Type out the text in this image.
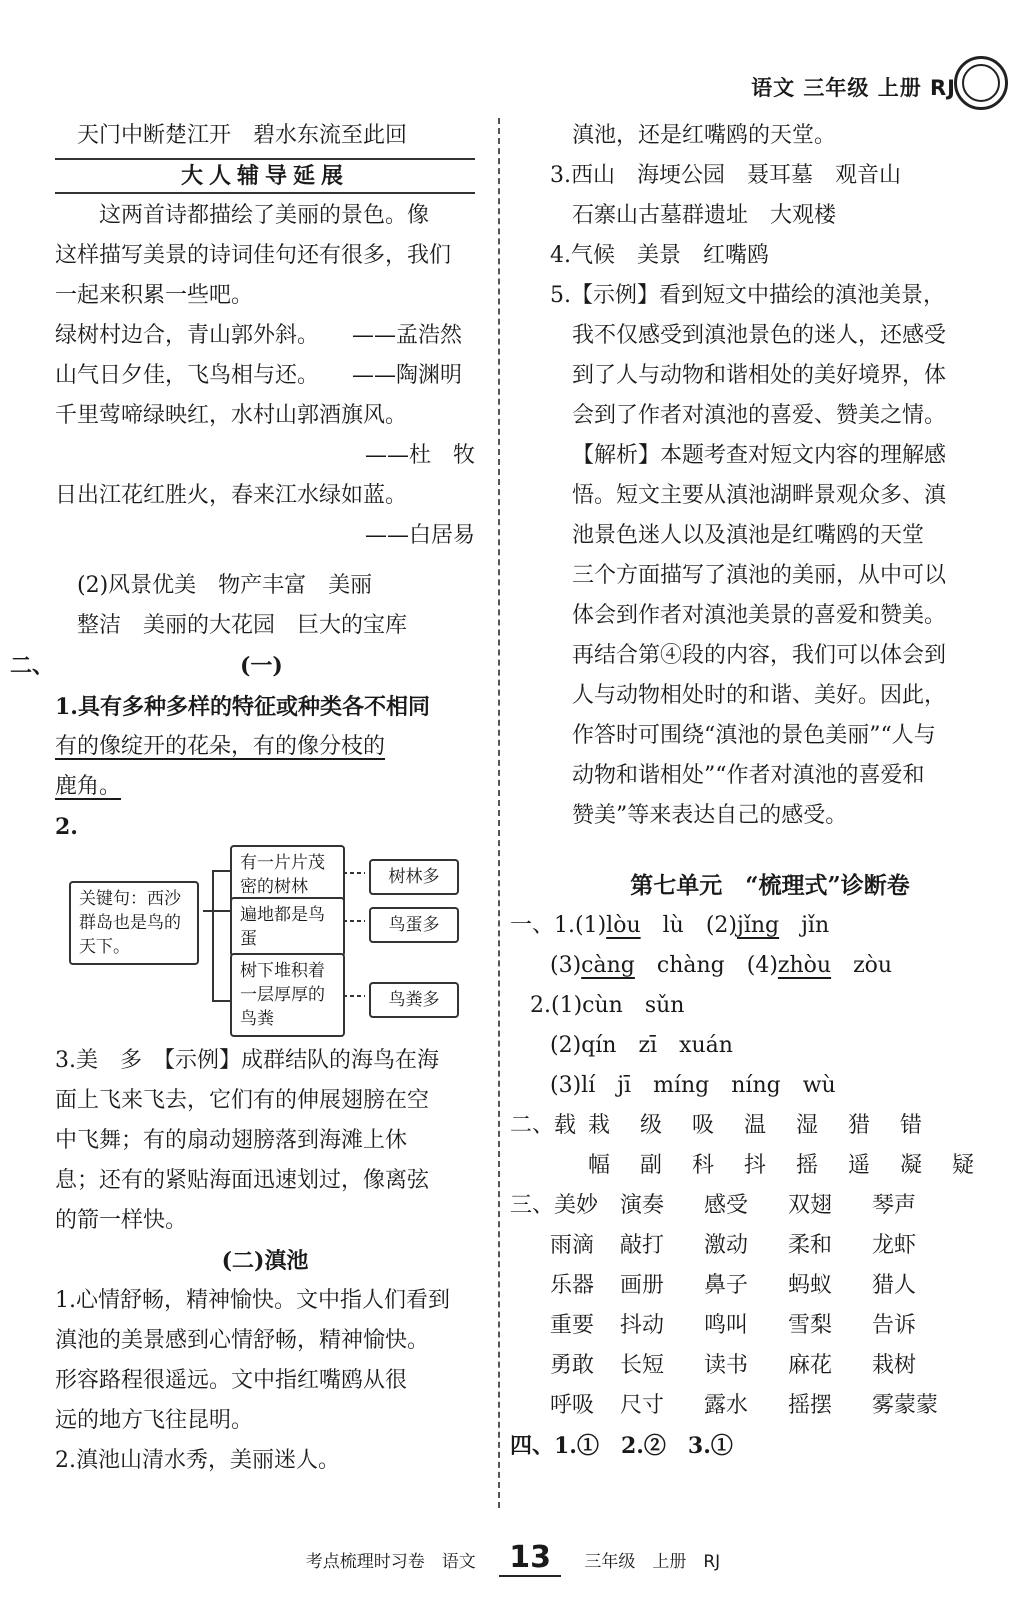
语文 三年级 上册 RJ

天门中断楚江开　碧水东流至此回

大人辅导延展

这两首诗都描绘了美丽的景色。像

这样描写美景的诗词佳句还有很多，我们

一起来积累一些吧。

绿树村边合，青山郭外斜。　　——孟浩然

山气日夕佳，飞鸟相与还。　　——陶渊明

千里莺啼绿映红，水村山郭酒旗风。

——杜　牧

日出江花红胜火，春来江水绿如蓝。

——白居易

(2)风景优美　物产丰富　美丽

整洁　美丽的大花园　巨大的宝库

二、	(一)

1.具有多种多样的特征或种类各不相同

有的像绽开的花朵，有的像分枝的

鹿角。

2.

关键句：西沙群岛也是鸟的天下。
有一片片茂密的树林
遍地都是鸟蛋
树下堆积着一层厚厚的鸟粪
树林多
鸟蛋多
鸟粪多

3.美　多　【示例】成群结队的海鸟在海

面上飞来飞去，它们有的伸展翅膀在空

中飞舞；有的扇动翅膀落到海滩上休

息；还有的紧贴海面迅速划过，像离弦

的箭一样快。

(二)滇池

1.心情舒畅，精神愉快。文中指人们看到

滇池的美景感到心情舒畅，精神愉快。

形容路程很遥远。文中指红嘴鸥从很

远的地方飞往昆明。

2.滇池山清水秀，美丽迷人。

滇池，还是红嘴鸥的天堂。

3.西山　海埂公园　聂耳墓　观音山

石寨山古墓群遗址　大观楼

4.气候　美景　红嘴鸥

5.【示例】看到短文中描绘的滇池美景，

我不仅感受到滇池景色的迷人，还感受

到了人与动物和谐相处的美好境界，体

会到了作者对滇池的喜爱、赞美之情。

【解析】本题考查对短文内容的理解感

悟。短文主要从滇池湖畔景观众多、滇

池景色迷人以及滇池是红嘴鸥的天堂

三个方面描写了滇池的美丽，从中可以

体会到作者对滇池美景的喜爱和赞美。

再结合第④段的内容，我们可以体会到

人与动物相处时的和谐、美好。因此，

作答时可围绕“滇池的景色美丽”“人与

动物和谐相处”“作者对滇池的喜爱和

赞美”等来表达自己的感受。

第七单元　“梳理式”诊断卷

一、1.(1)lòu lù (2)jǐng jǐn

(3)càng chàng (4)zhòu zòu

2.(1)cùn　sǔn

(2)qín　zī　xuán

(3)lí　jī　míng　níng　wù

二、载 栽 级 吸 温 湿 猎 错

幅 副 科 抖 摇 遥 凝 疑

三、美妙 演奏 感受 双翅 琴声

雨滴 敲打 激动 柔和 龙虾

乐器 画册 鼻子 蚂蚁 猎人

重要 抖动 鸣叫 雪梨 告诉

勇敢 长短 读书 麻花 栽树

呼吸 尺寸 露水 摇摆 雾蒙蒙

四、1.①　2.②　3.①

考点梳理时习卷　语文 13 三年级　上册　RJ
